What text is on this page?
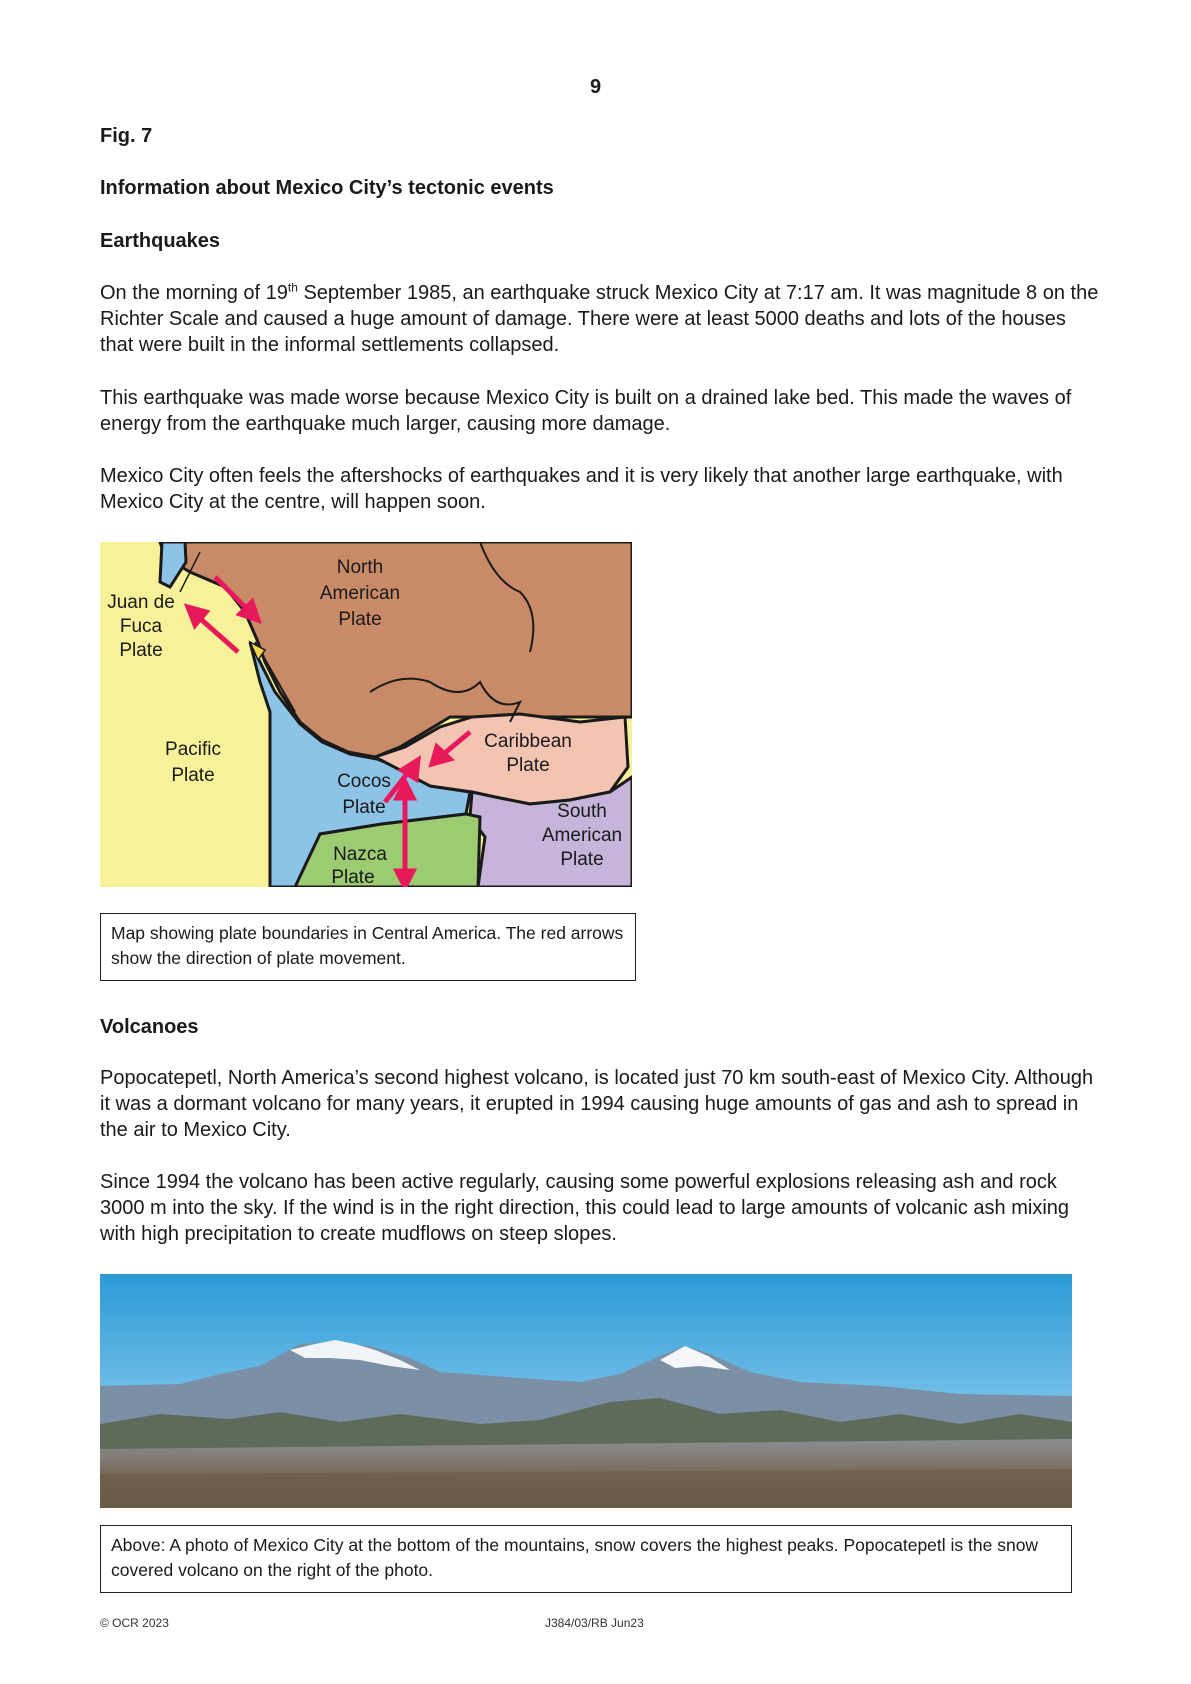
9
Fig. 7
Information about Mexico City’s tectonic events
Earthquakes
On the morning of 19th September 1985, an earthquake struck Mexico City at 7:17 am. It was magnitude 8 on the Richter Scale and caused a huge amount of damage. There were at least 5000 deaths and lots of the houses that were built in the informal settlements collapsed.
This earthquake was made worse because Mexico City is built on a drained lake bed. This made the waves of energy from the earthquake much larger, causing more damage.
Mexico City often feels the aftershocks of earthquakes and it is very likely that another large earthquake, with Mexico City at the centre, will happen soon.
North
American
Plate
Juan de
Fuca
Plate
Pacific
Plate	Cocos
Plate
Caribbean
Plate
South
American
Plate
Nazca
Plate
Map showing plate boundaries in Central America. The red arrows show the direction of plate movement.
Volcanoes
Popocatepetl, North America’s second highest volcano, is located just 70 km south-east of Mexico City. Although it was a dormant volcano for many years, it erupted in 1994 causing huge amounts of gas and ash to spread in the air to Mexico City.
Since 1994 the volcano has been active regularly, causing some powerful explosions releasing ash and rock 3000 m into the sky. If the wind is in the right direction, this could lead to large amounts of volcanic ash mixing with high precipitation to create mudflows on steep slopes.
Above: A photo of Mexico City at the bottom of the mountains, snow covers the highest peaks. Popocatepetl is the snow covered volcano on the right of the photo.
© OCR 2023	J384/03/RB Jun23
